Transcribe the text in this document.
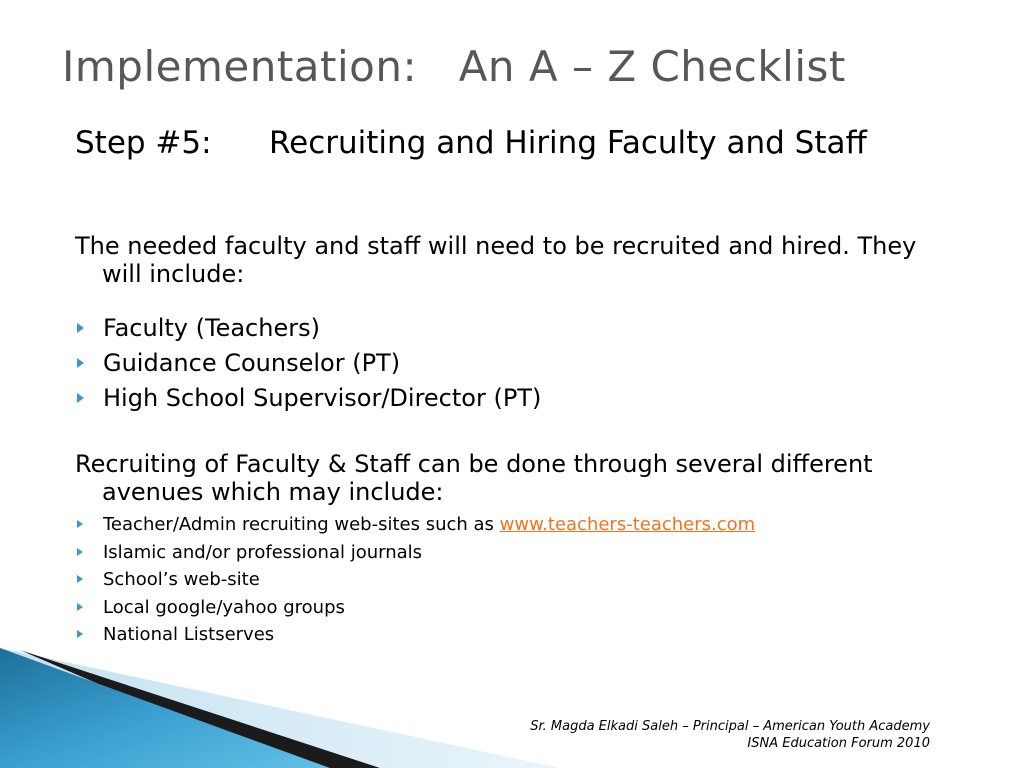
Implementation:   An A – Z Checklist
Step #5:	Recruiting and Hiring Faculty and Staff

The needed faculty and staff will need to be recruited and hired. They will include:

Faculty (Teachers)
Guidance Counselor (PT)
High School Supervisor/Director (PT)

Recruiting of Faculty & Staff can be done through several different avenues which may include:

Teacher/Admin recruiting web-sites such as www.teachers-teachers.com
Islamic and/or professional journals
School’s web-site
Local google/yahoo groups
National Listserves
Sr. Magda Elkadi Saleh – Principal – American Youth Academy
ISNA Education Forum 2010
